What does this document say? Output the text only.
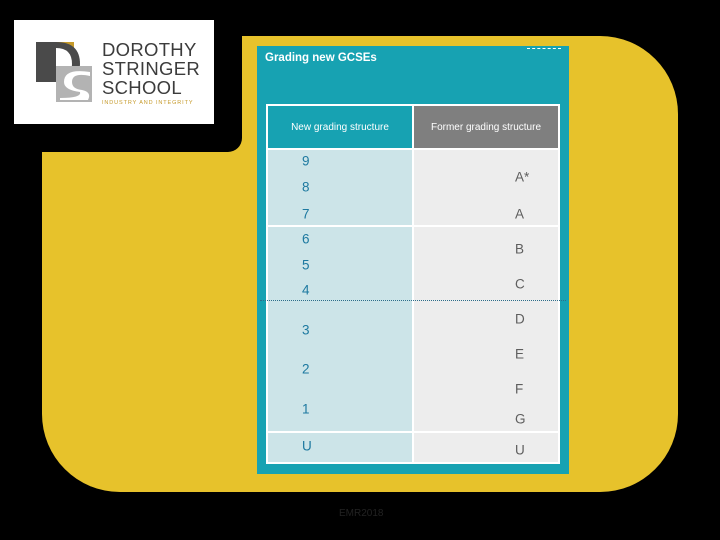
DOROTHY
STRINGER
SCHOOL
INDUSTRY AND INTEGRITY
Grading new GCSEs
New grading structure	Former grading structure
9
8
7
6
5
4
3
2
1
U
A*
A
B
C
D
E
F
G
U
EMR2018
